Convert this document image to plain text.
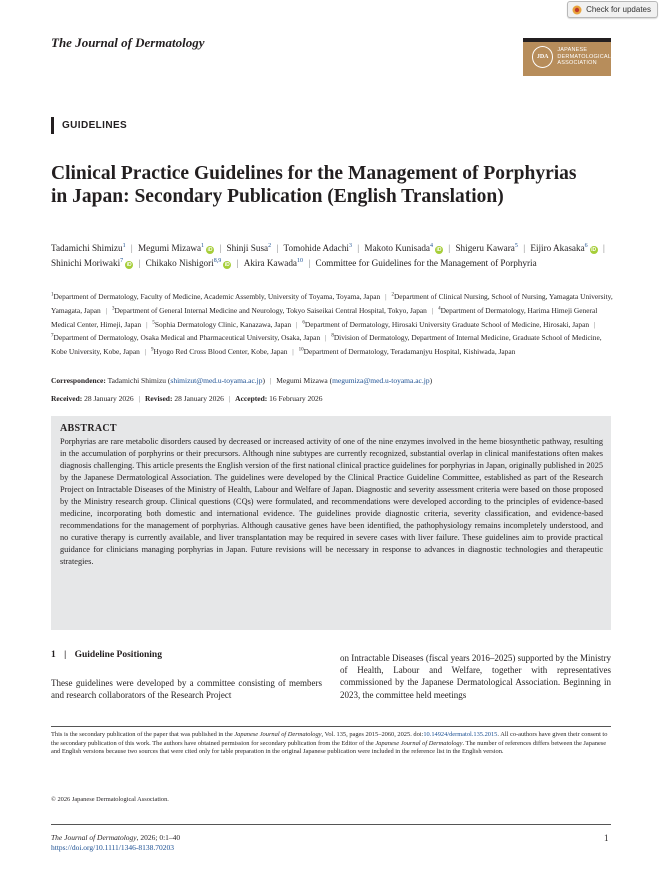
Check for updates
The Journal of Dermatology
JDA
JAPANESE
DERMATOLOGICAL
ASSOCIATION
GUIDELINES
Clinical Practice Guidelines for the Management of Porphyrias in Japan: Secondary Publication (English Translation)
Tadamichi Shimizu$^1$ | Megumi Mizawa$^1$iD | Shinji Susa$^2$ | Tomohide Adachi$^3$ | Makoto Kunisada$^4$iD | Shigeru Kawara$^5$ | Eijiro Akasaka$^6$iD | Shinichi Moriwaki$^7$iD | Chikako Nishigori$^{8,9}$iD | Akira Kawada$^{10}$ | Committee for Guidelines for the Management of Porphyria
$^1$Department of Dermatology, Faculty of Medicine, Academic Assembly, University of Toyama, Toyama, Japan | $^2$Department of Clinical Nursing, School of Nursing, Yamagata University, Yamagata, Japan | $^3$Department of General Internal Medicine and Neurology, Tokyo Saiseikai Central Hospital, Tokyo, Japan | $^4$Department of Dermatology, Harima Himeji General Medical Center, Himeji, Japan | $^5$Sophia Dermatology Clinic, Kanazawa, Japan | $^6$Department of Dermatology, Hirosaki University Graduate School of Medicine, Hirosaki, Japan | $^7$Department of Dermatology, Osaka Medical and Pharmaceutical University, Osaka, Japan | $^8$Division of Dermatology, Department of Internal Medicine, Graduate School of Medicine, Kobe University, Kobe, Japan | $^9$Hyogo Red Cross Blood Center, Kobe, Japan | $^{10}$Department of Dermatology, Teradamanjyu Hospital, Kishiwada, Japan
Correspondence: Tadamichi Shimizu (shimizut@med.u-toyama.ac.jp) | Megumi Mizawa (megumiza@med.u-toyama.ac.jp)
Received: 28 January 2026 | Revised: 28 January 2026 | Accepted: 16 February 2026
ABSTRACT
Porphyrias are rare metabolic disorders caused by decreased or increased activity of one of the nine enzymes involved in the heme biosynthetic pathway, resulting in the accumulation of porphyrins or their precursors. Although nine subtypes are currently recognized, substantial overlap in clinical manifestations often makes diagnosis challenging. This article presents the English version of the first national clinical practice guidelines for porphyrias in Japan, originally published in 2025 by the Japanese Dermatological Association. The guidelines were developed by the Clinical Practice Guideline Committee, established as part of the Research Project on Intractable Diseases of the Ministry of Health, Labour and Welfare of Japan. Diagnostic and severity assessment criteria were based on those proposed by the Ministry research group. Clinical questions (CQs) were formulated, and recommendations were developed according to the principles of evidence-based medicine, incorporating both domestic and international evidence. The guidelines provide diagnostic criteria, severity classification, and evidence-based recommendations for the management of porphyrias. Although causative genes have been identified, the pathophysiology remains incompletely understood, and no curative therapy is currently available, and liver transplantation may be required in severe cases with liver failure. These guidelines aim to provide practical guidance for clinicians managing porphyrias in Japan. Future revisions will be necessary in response to advances in diagnostic technologies and therapeutic strategies.
1 | Guideline Positioning
These guidelines were developed by a committee consisting of members and research collaborators of the Research Project
on Intractable Diseases (fiscal years 2016–2025) supported by the Ministry of Health, Labour and Welfare, together with representatives commissioned by the Japanese Dermatological Association. Beginning in 2023, the committee held meetings
This is the secondary publication of the paper that was published in the Japanese Journal of Dermatology, Vol. 135, pages 2015–2060, 2025. doi:10.14924/dermatol.135.2015. All co-authors have given their consent to the secondary publication of this work. The authors have obtained permission for secondary publication from the Editor of the Japanese Journal of Dermatology. The number of references differs between the Japanese and English versions because two sources that were cited only for table preparation in the original Japanese publication were included in the reference list in the English version.
© 2026 Japanese Dermatological Association.
The Journal of Dermatology, 2026; 0:1–40
https://doi.org/10.1111/1346-8138.70203
1
